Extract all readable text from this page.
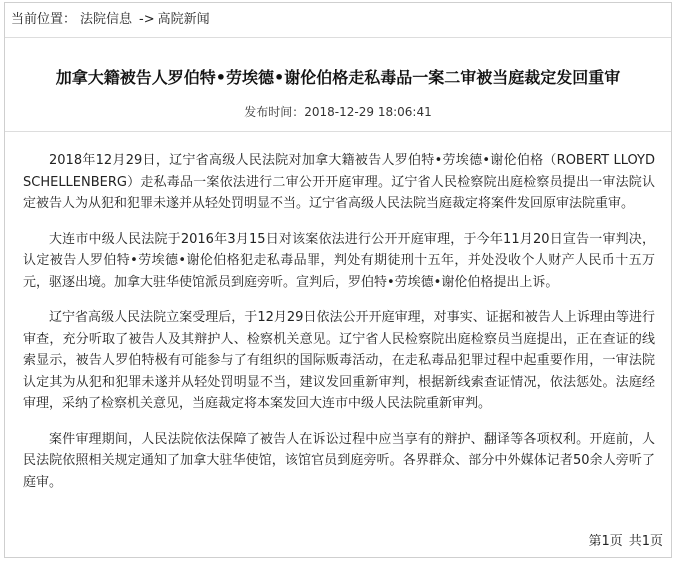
当前位置： 法院信息 -> 高院新闻
加拿大籍被告人罗伯特•劳埃德•谢伦伯格走私毒品一案二审被当庭裁定发回重审
发布时间：2018-12-29 18:06:41

2018年12月29日，辽宁省高级人民法院对加拿大籍被告人罗伯特•劳埃德•谢伦伯格（ROBERT LLOYD SCHELLENBERG）走私毒品一案依法进行二审公开开庭审理。辽宁省人民检察院出庭检察员提出一审法院认定被告人为从犯和犯罪未遂并从轻处罚明显不当。辽宁省高级人民法院当庭裁定将案件发回原审法院重审。

大连市中级人民法院于2016年3月15日对该案依法进行公开开庭审理，于今年11月20日宣告一审判决，认定被告人罗伯特•劳埃德•谢伦伯格犯走私毒品罪，判处有期徒刑十五年，并处没收个人财产人民币十五万元，驱逐出境。加拿大驻华使馆派员到庭旁听。宣判后，罗伯特•劳埃德•谢伦伯格提出上诉。

辽宁省高级人民法院立案受理后，于12月29日依法公开开庭审理，对事实、证据和被告人上诉理由等进行审查，充分听取了被告人及其辩护人、检察机关意见。辽宁省人民检察院出庭检察员当庭提出，正在查证的线索显示，被告人罗伯特极有可能参与了有组织的国际贩毒活动，在走私毒品犯罪过程中起重要作用，一审法院认定其为从犯和犯罪未遂并从轻处罚明显不当，建议发回重新审判，根据新线索查证情况，依法惩处。法庭经审理，采纳了检察机关意见，当庭裁定将本案发回大连市中级人民法院重新审判。

案件审理期间，人民法院依法保障了被告人在诉讼过程中应当享有的辩护、翻译等各项权利。开庭前，人民法院依照相关规定通知了加拿大驻华使馆，该馆官员到庭旁听。各界群众、部分中外媒体记者50余人旁听了庭审。

第1页 共1页
